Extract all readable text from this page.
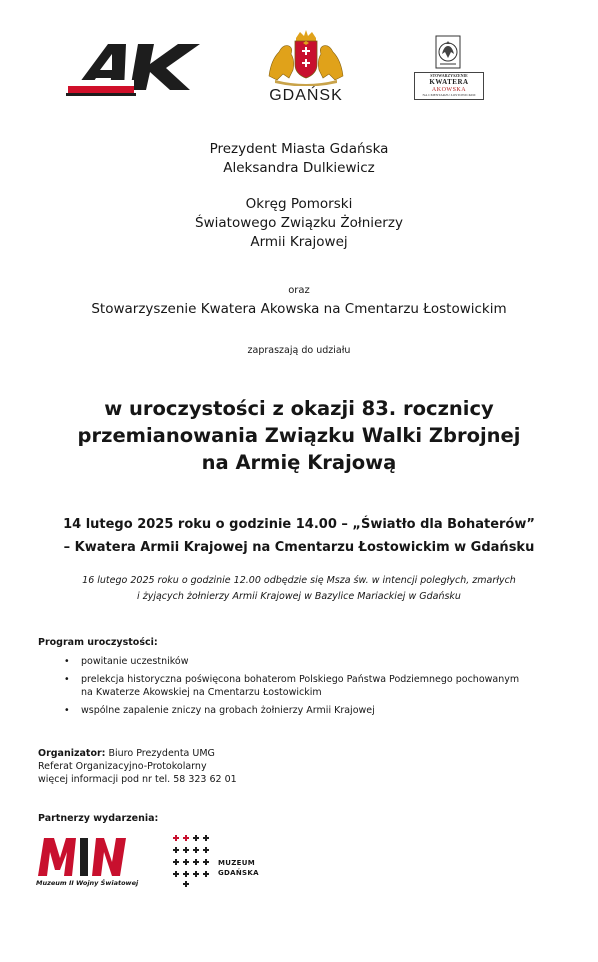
GDAŃSK
STOWARZYSZENIE
KWATERA
AKOWSKA
NA CMENTARZU ŁOSTOWICKIM
Prezydent Miasta Gdańska
Aleksandra Dulkiewicz
Okręg Pomorski
Światowego Związku Żołnierzy
Armii Krajowej
oraz
Stowarzyszenie Kwatera Akowska na Cmentarzu Łostowickim
zapraszają do udziału
w uroczystości z okazji 83. rocznicy
przemianowania Związku Walki Zbrojnej
na Armię Krajową
14 lutego 2025 roku o godzinie 14.00 – „Światło dla Bohaterów”
– Kwatera Armii Krajowej na Cmentarzu Łostowickim w Gdańsku
16 lutego 2025 roku o godzinie 12.00 odbędzie się Msza św. w intencji poległych, zmarłych
i żyjących żołnierzy Armii Krajowej w Bazylice Mariackiej w Gdańsku
Program uroczystości:
• powitanie uczestników
• prelekcja historyczna poświęcona bohaterom Polskiego Państwa Podziemnego pochowanym
na Kwaterze Akowskiej na Cmentarzu Łostowickim
• wspólne zapalenie zniczy na grobach żołnierzy Armii Krajowej
Organizator: Biuro Prezydenta UMG
Referat Organizacyjno-Protokolarny
więcej informacji pod nr tel. 58 323 62 01
Partnerzy wydarzenia:
Muzeum II Wojny Światowej
MUZEUM
GDAŃSKA
